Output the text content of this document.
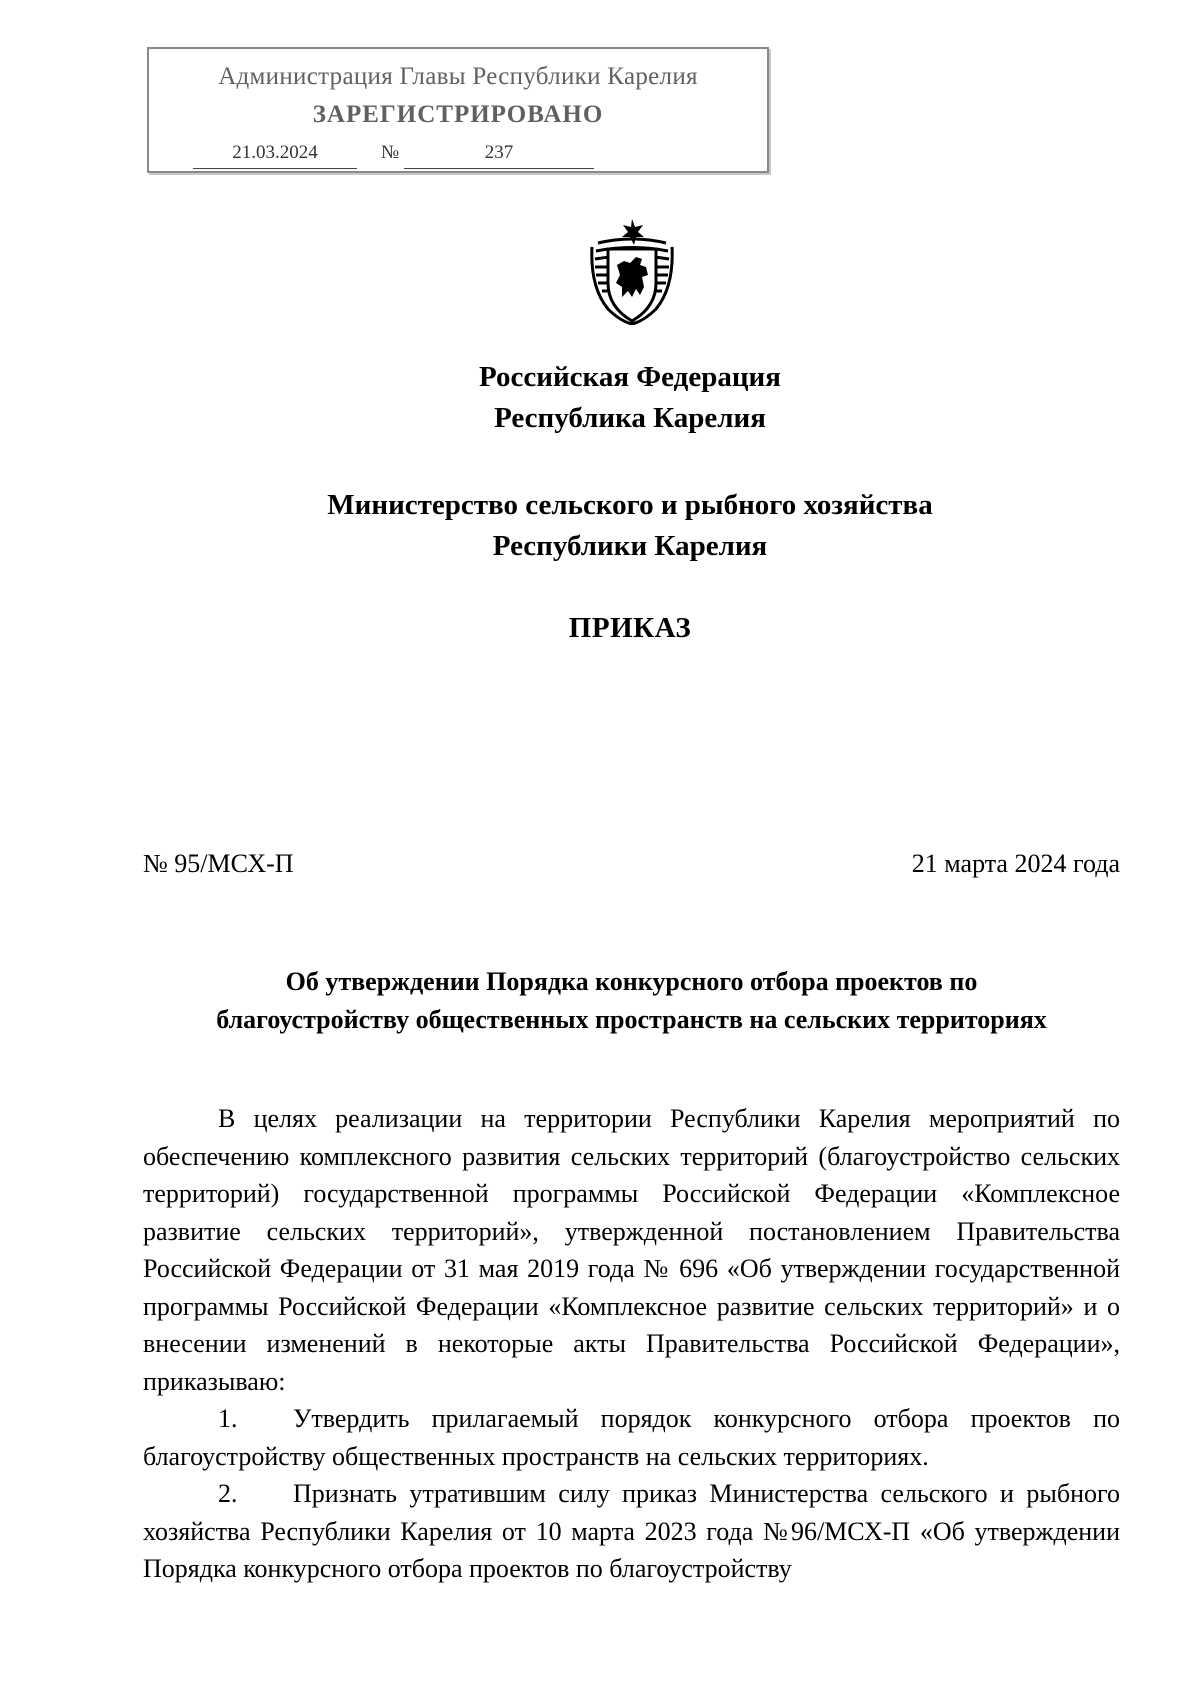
Администрация Главы Республики Карелия
ЗАРЕГИСТРИРОВАНО
21.03.2024	№	237
Российская Федерация
Республика Карелия
Министерство сельского и рыбного хозяйства
Республики Карелия
ПРИКАЗ
№ 95/МСХ-П	21 марта 2024 года
Об утверждении Порядка конкурсного отбора проектов по
благоустройству общественных пространств на сельских территориях

В целях реализации на территории Республики Карелия мероприятий по обеспечению комплексного развития сельских территорий (благоустройство сельских территорий) государственной программы Российской Федерации «Комплексное развитие сельских территорий», утвержденной постановлением Правительства Российской Федерации от 31 мая 2019 года № 696 «Об утверждении государственной программы Российской Федерации «Комплексное развитие сельских территорий» и о внесении изменений в некоторые акты Правительства Российской Федерации», приказываю:

1. Утвердить прилагаемый порядок конкурсного отбора проектов по благоустройству общественных пространств на сельских территориях.

2. Признать утратившим силу приказ Министерства сельского и рыбного хозяйства Республики Карелия от 10 марта 2023 года №96/МСХ-П «Об утверждении Порядка конкурсного отбора проектов по благоустройству
